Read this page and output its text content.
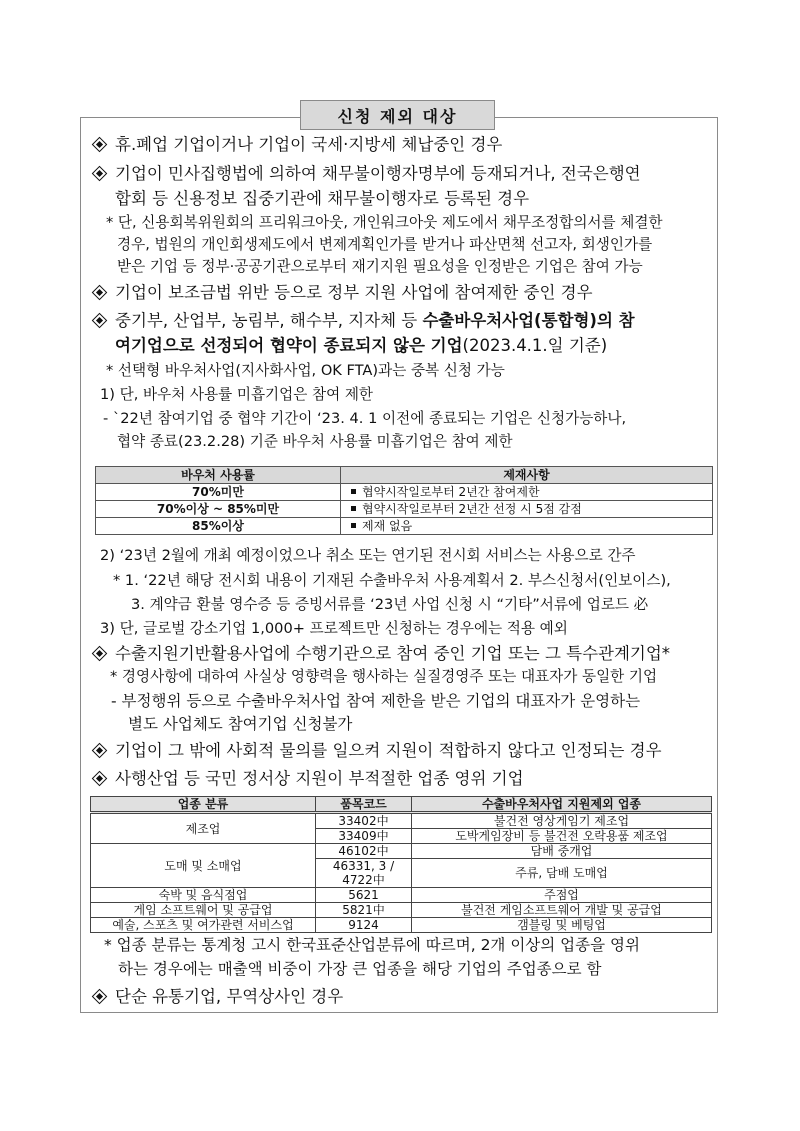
신청 제외 대상
휴.폐업 기업이거나 기업이 국세·지방세 체납중인 경우
기업이 민사집행법에 의하여 채무불이행자명부에 등재되거나, 전국은행연
합회 등 신용정보 집중기관에 채무불이행자로 등록된 경우
* 단, 신용회복위원회의 프리워크아웃, 개인워크아웃 제도에서 채무조정합의서를 체결한
경우, 법원의 개인회생제도에서 변제계획인가를 받거나 파산면책 선고자, 회생인가를
받은 기업 등 정부·공공기관으로부터 재기지원 필요성을 인정받은 기업은 참여 가능
기업이 보조금법 위반 등으로 정부 지원 사업에 참여제한 중인 경우
중기부, 산업부, 농림부, 해수부, 지자체 등 수출바우처사업(통합형)의 참
여기업으로 선정되어 협약이 종료되지 않은 기업(2023.4.1.일 기준)
* 선택형 바우처사업(지사화사업, OK FTA)과는 중복 신청 가능
1) 단, 바우처 사용률 미흡기업은 참여 제한
- `22년 참여기업 중 협약 기간이 ‘23. 4. 1 이전에 종료되는 기업은 신청가능하나,
협약 종료(23.2.28) 기준 바우처 사용률 미흡기업은 참여 제한
바우처 사용률	제재사항
70%미만	협약시작일로부터 2년간 참여제한
70%이상 ~ 85%미만	협약시작일로부터 2년간 선정 시 5점 감점
85%이상	제재 없음
2) ‘23년 2월에 개최 예정이었으나 취소 또는 연기된 전시회 서비스는 사용으로 간주
* 1. ‘22년 해당 전시회 내용이 기재된 수출바우처 사용계획서 2. 부스신청서(인보이스),
3. 계약금 환불 영수증 등 증빙서류를 ‘23년 사업 신청 시 “기타”서류에 업로드 必
3) 단, 글로벌 강소기업 1,000+ 프로젝트만 신청하는 경우에는 적용 예외
수출지원기반활용사업에 수행기관으로 참여 중인 기업 또는 그 특수관계기업*
* 경영사항에 대하여 사실상 영향력을 행사하는 실질경영주 또는 대표자가 동일한 기업
- 부정행위 등으로 수출바우처사업 참여 제한을 받은 기업의 대표자가 운영하는
별도 사업체도 참여기업 신청불가
기업이 그 밖에 사회적 물의를 일으켜 지원이 적합하지 않다고 인정되는 경우
사행산업 등 국민 정서상 지원이 부적절한 업종 영위 기업
업종 분류	품목코드	수출바우처사업 지원제외 업종
제조업	33402中	불건전 영상게임기 제조업
	33409中	도박게임장비 등 불건전 오락용품 제조업
도매 및 소매업	46102中	담배 중개업
	46331, 3 / 4722中	주류, 담배 도매업
숙박 및 음식점업	5621	주점업
게임 소프트웨어 및 공급업	5821中	불건전 게임소프트웨어 개발 및 공급업
예술, 스포츠 및 여가관련 서비스업	9124	갬블링 및 베팅업
* 업종 분류는 통계청 고시 한국표준산업분류에 따르며, 2개 이상의 업종을 영위
하는 경우에는 매출액 비중이 가장 큰 업종을 해당 기업의 주업종으로 함
단순 유통기업, 무역상사인 경우
